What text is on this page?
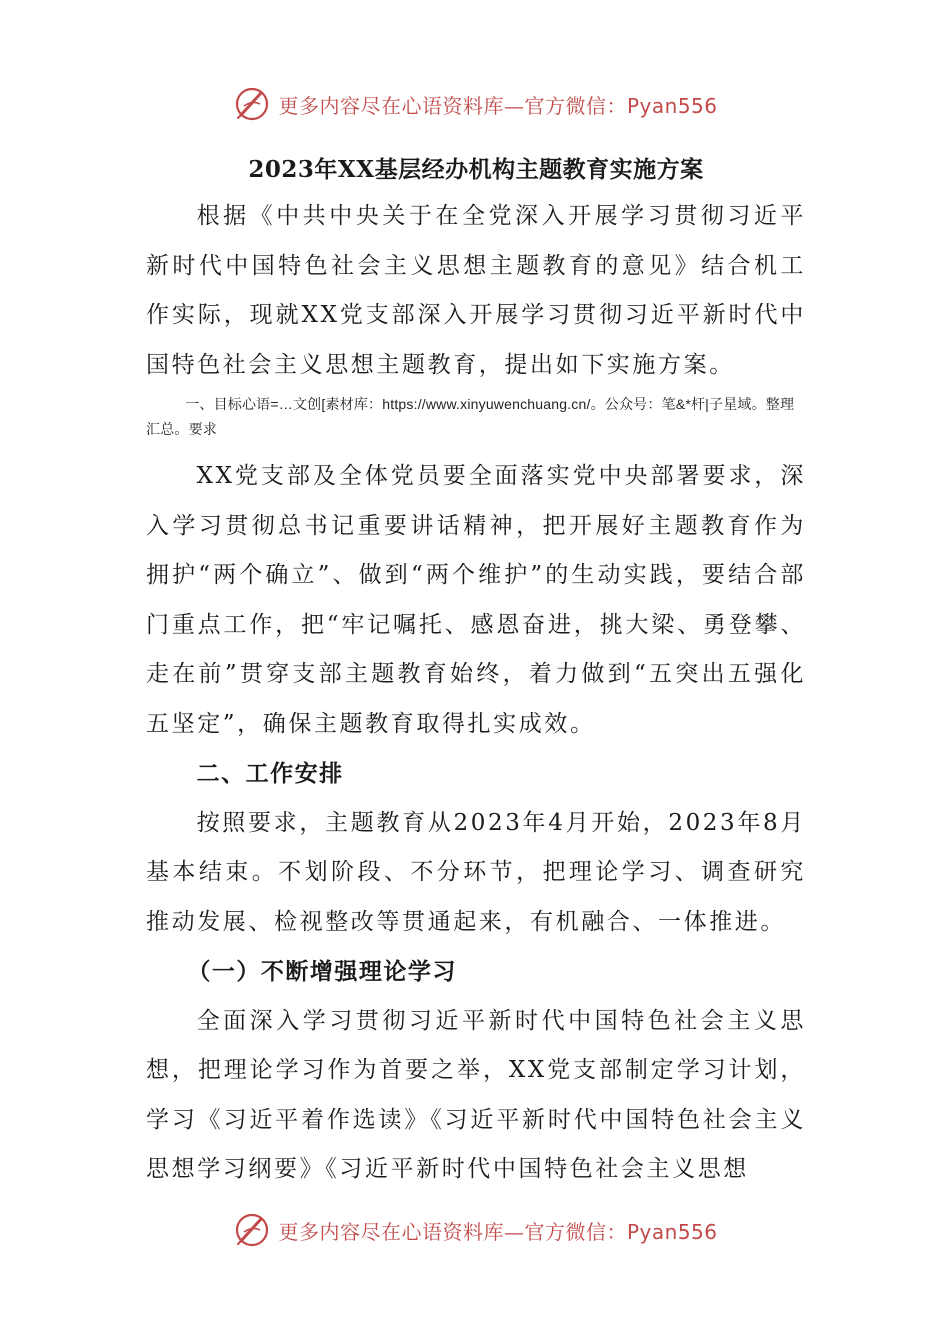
更多内容尽在心语资料库—官方微信：Pyan556
2023年XX基层经办机构主题教育实施方案

根据《中共中央关于在全党深入开展学习贯彻习近平新时代中国特色社会主义思想主题教育的意见》结合机工作实际，现就XX党支部深入开展学习贯彻习近平新时代中国特色社会主义思想主题教育，提出如下实施方案。

一、目标心语=…文创[素材库：https://www.xinyuwenchuang.cn/。公众号：笔&*杆|子星域。整理汇总。要求

XX党支部及全体党员要全面落实党中央部署要求，深入学习贯彻总书记重要讲话精神，把开展好主题教育作为拥护“两个确立”、做到“两个维护”的生动实践，要结合部门重点工作，把“牢记嘱托、感恩奋进，挑大梁、勇登攀、走在前”贯穿支部主题教育始终，着力做到“五突出五强化五坚定”，确保主题教育取得扎实成效。

二、工作安排

按照要求，主题教育从2023年4月开始，2023年8月基本结束。不划阶段、不分环节，把理论学习、调查研究推动发展、检视整改等贯通起来，有机融合、一体推进。

（一）不断增强理论学习

全面深入学习贯彻习近平新时代中国特色社会主义思想，把理论学习作为首要之举，XX党支部制定学习计划，学习《习近平着作选读》《习近平新时代中国特色社会主义思想学习纲要》《习近平新时代中国特色社会主义思想

更多内容尽在心语资料库—官方微信：Pyan556
